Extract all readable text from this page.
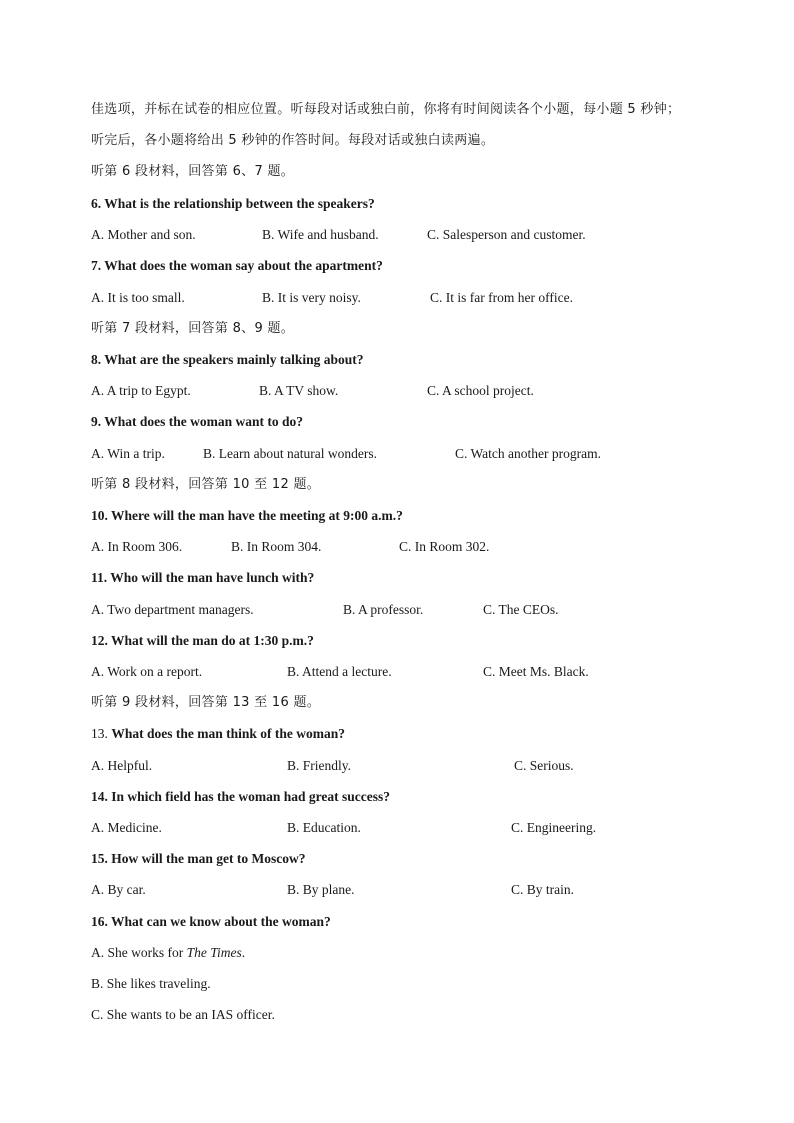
佳选项，并标在试卷的相应位置。听每段对话或独白前，你将有时间阅读各个小题，每小题 5 秒钟；
听完后，各小题将给出 5 秒钟的作答时间。每段对话或独白读两遍。
听第 6 段材料，回答第 6、7 题。
6. What is the relationship between the speakers?
A. Mother and son.	B. Wife and husband.	C. Salesperson and customer.
7. What does the woman say about the apartment?
A. It is too small.	B. It is very noisy.	C. It is far from her office.
听第 7 段材料，回答第 8、9 题。
8. What are the speakers mainly talking about?
A. A trip to Egypt.	B. A TV show.	C. A school project.
9. What does the woman want to do?
A. Win a trip.	B. Learn about natural wonders.	C. Watch another program.
听第 8 段材料，回答第 10 至 12 题。
10. Where will the man have the meeting at 9:00 a.m.?
A. In Room 306.	B. In Room 304.	C. In Room 302.
11. Who will the man have lunch with?
A. Two department managers.	B. A professor.	C. The CEOs.
12. What will the man do at 1:30 p.m.?
A. Work on a report.	B. Attend a lecture.	C. Meet Ms. Black.
听第 9 段材料，回答第 13 至 16 题。
13. What does the man think of the woman?
A. Helpful.	B. Friendly.	C. Serious.
14. In which field has the woman had great success?
A. Medicine.	B. Education.	C. Engineering.
15. How will the man get to Moscow?
A. By car.	B. By plane.	C. By train.
16. What can we know about the woman?
A. She works for The Times.
B. She likes traveling.
C. She wants to be an IAS officer.
